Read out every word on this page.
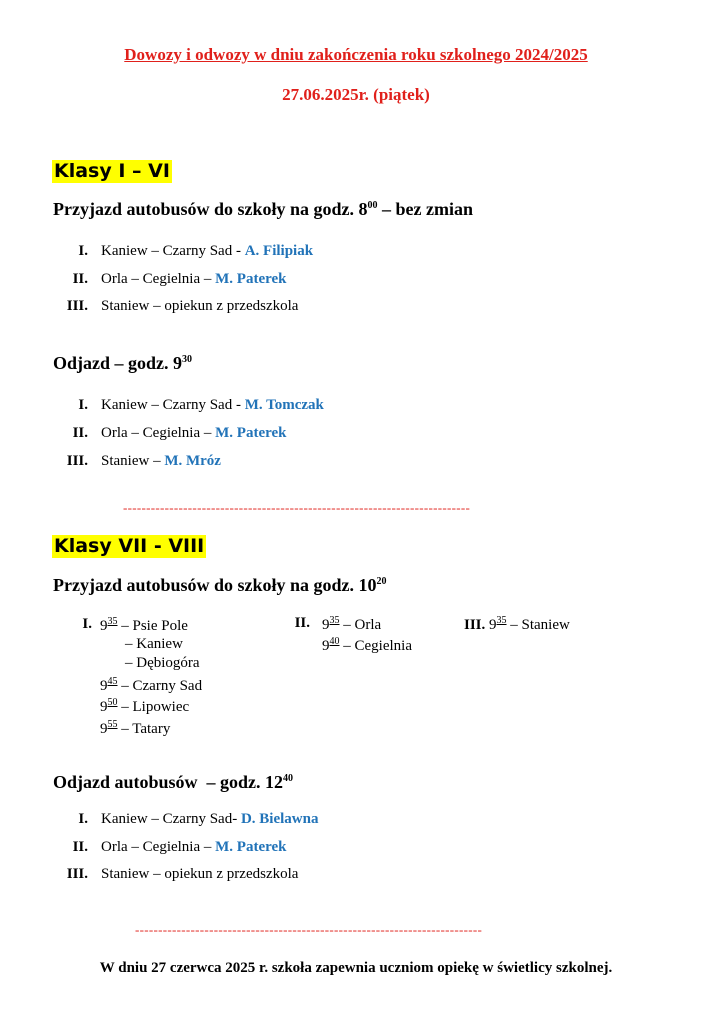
Dowozy i odwozy w dniu zakończenia roku szkolnego 2024/2025
27.06.2025r. (piątek)
Klasy I – VI
Przyjazd autobusów do szkoły na godz. $8^{00}$ – bez zmian
I. Kaniew – Czarny Sad - A. Filipiak
II. Orla – Cegielnia – M. Paterek
III. Staniew – opiekun z przedszkola
Odjazd – godz. $9^{30}$
I. Kaniew – Czarny Sad - M. Tomczak
II. Orla – Cegielnia – M. Paterek
III. Staniew – M. Mróz
---------------------------------------------------------------------------
Klasy VII - VIII
Przyjazd autobusów do szkoły na godz. $10^{20}$
I. $9^{35}$ – Psie Pole
– Kaniew
– Dębiogóra
$9^{45}$ – Czarny Sad
$9^{50}$ – Lipowiec
$9^{55}$ – Tatary
II. $9^{35}$ – Orla
$9^{40}$ – Cegielnia
III. $9^{35}$ – Staniew
Odjazd autobusów  – godz. $12^{40}$
I. Kaniew – Czarny Sad- D. Bielawna
II. Orla – Cegielnia – M. Paterek
III. Staniew – opiekun z przedszkola
---------------------------------------------------------------------------
W dniu 27 czerwca 2025 r. szkoła zapewnia uczniom opiekę w świetlicy szkolnej.
